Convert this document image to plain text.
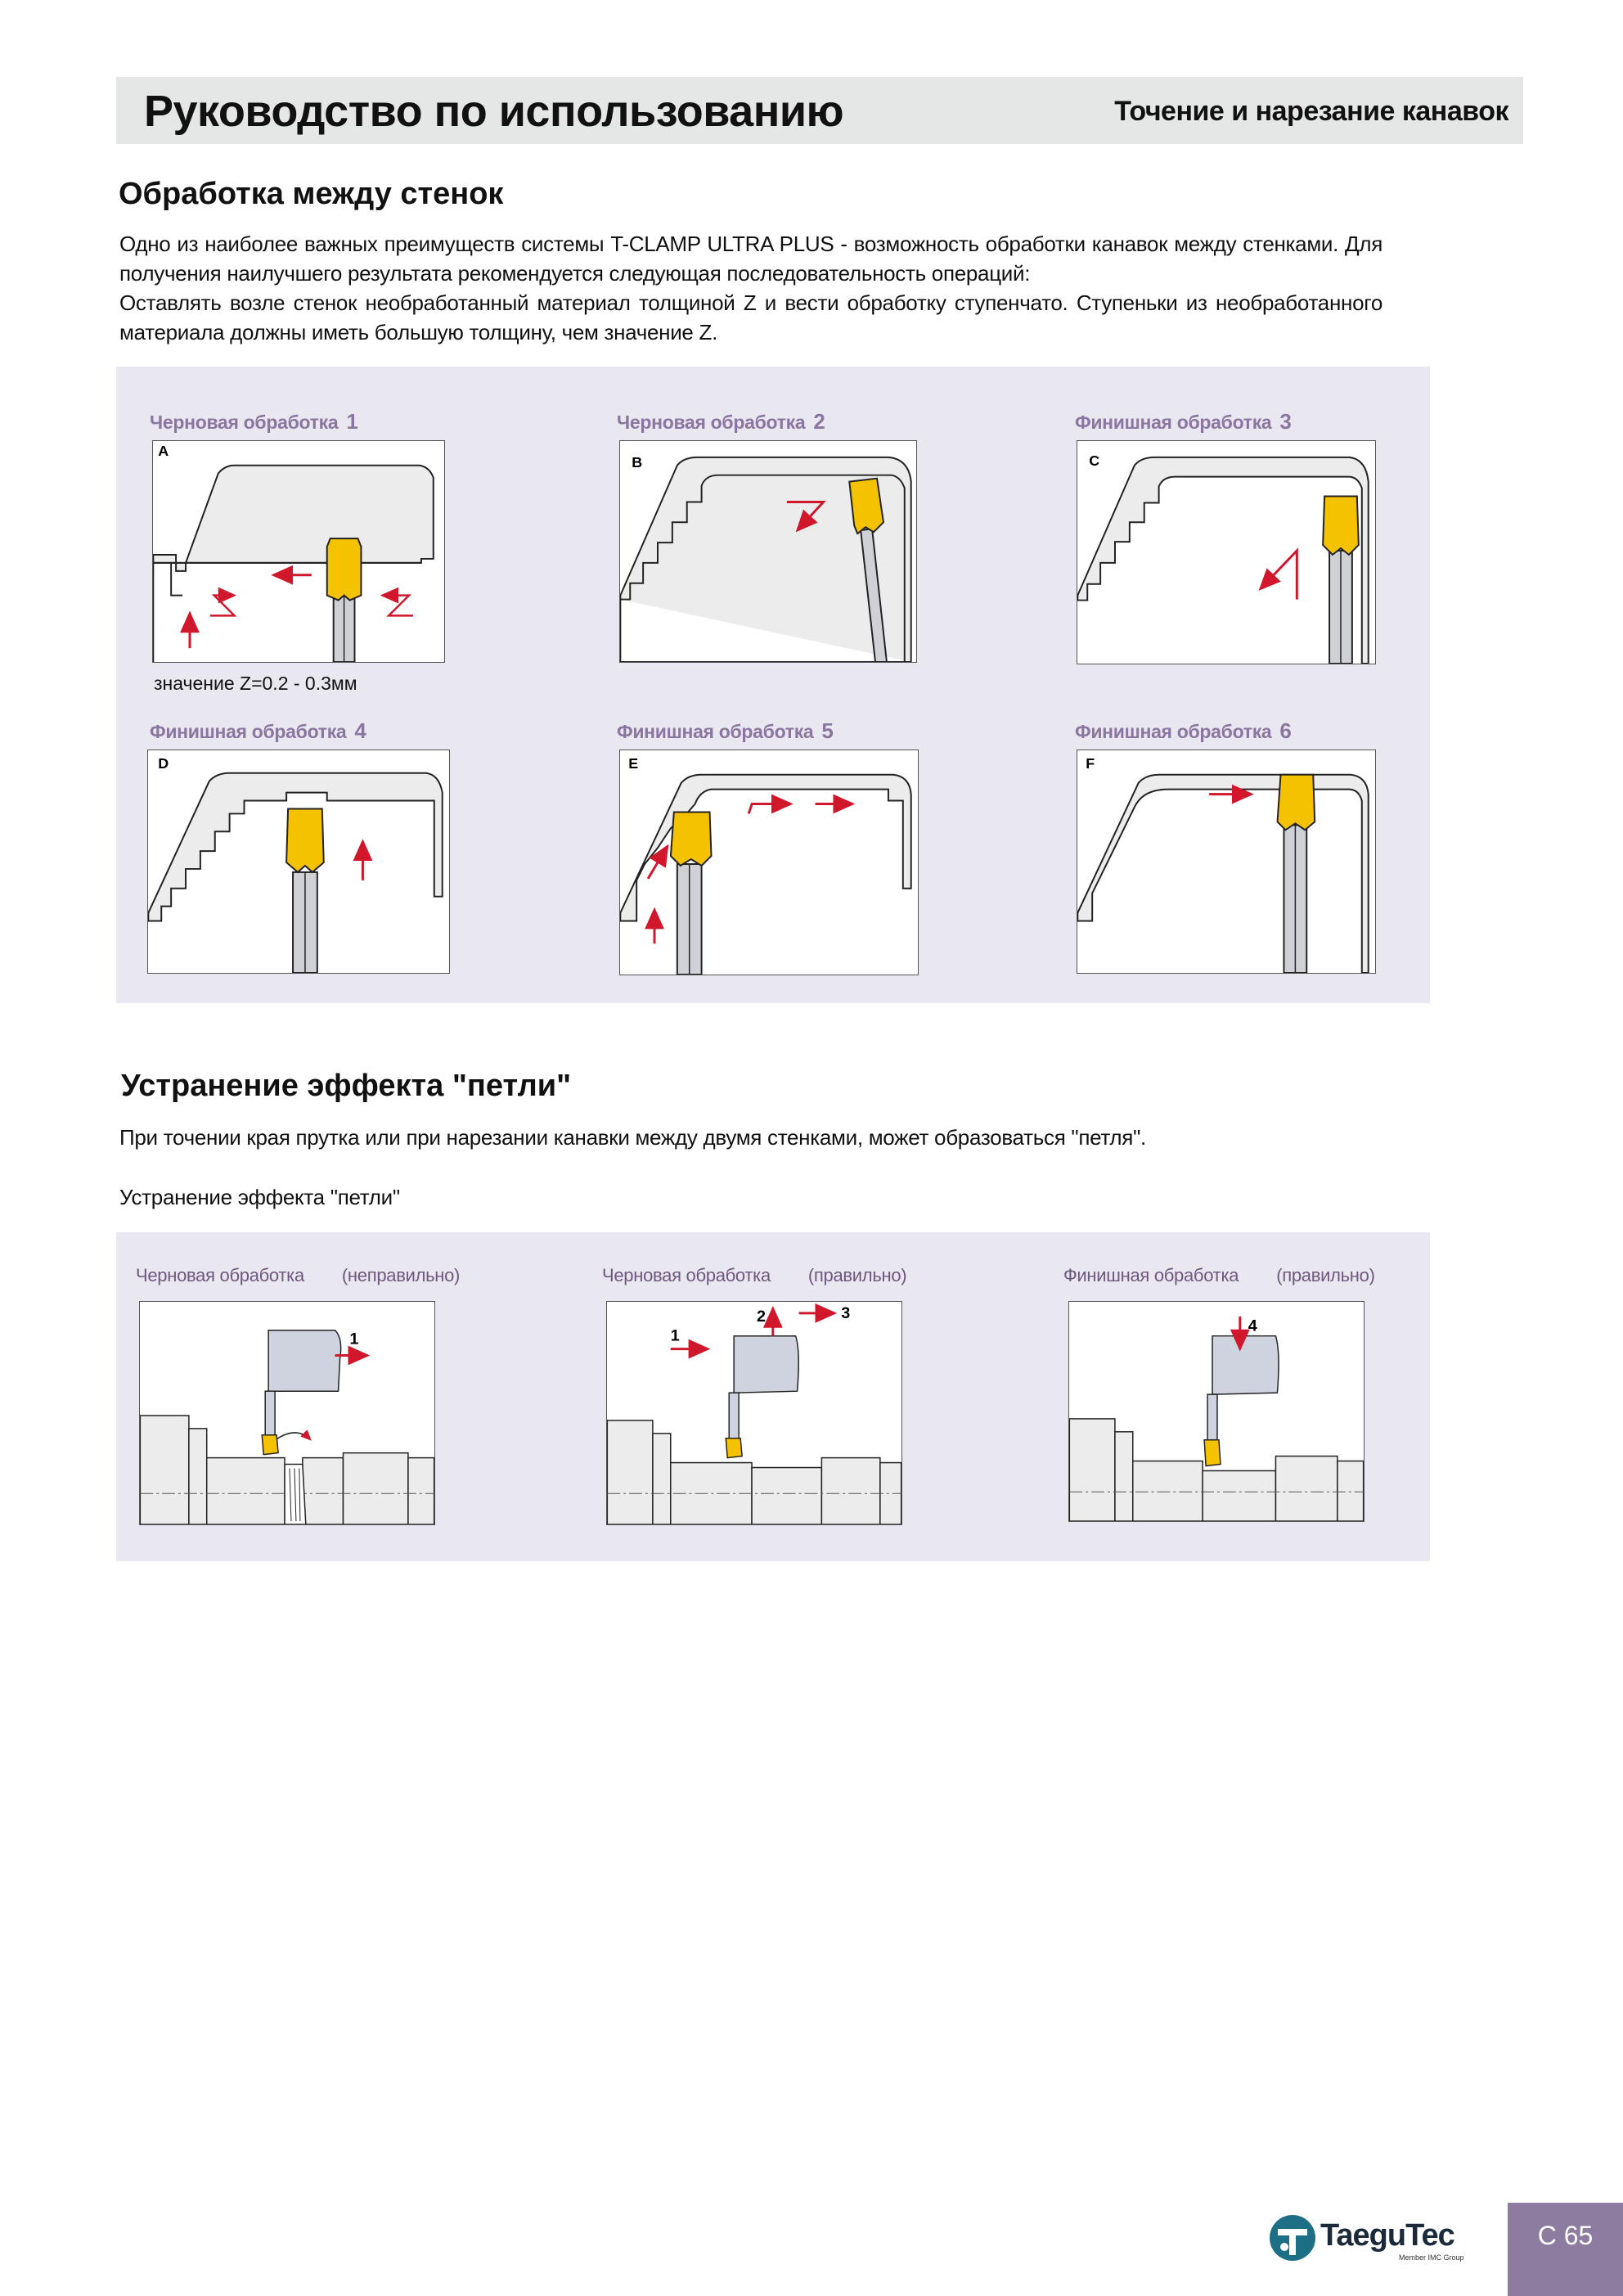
Руководство по использованию	Точение и нарезание канавок
Обработка между стенок
Одно из наиболее важных преимуществ системы T-CLAMP ULTRA PLUS - возможность обработки канавок между стенками. Для получения наилучшего результата рекомендуется следующая последовательность операций:
Оставлять возле стенок необработанный материал толщиной Z и вести обработку ступенчато. Ступеньки из необработанного материала должны иметь большую толщину, чем значение Z.
Черновая обработка 1	Черновая обработка 2	Финишная обработка 3
Финишная обработка 4	Финишная обработка 5	Финишная обработка 6
A
значение Z=0.2 - 0.3мм
B	C
D	E	F
Устранение эффекта "петли"
При точении края прутка или при нарезании канавки между двумя стенками, может образоваться "петля".
Устранение эффекта "петли"
Черновая обработка (неправильно)	Черновая обработка (правильно)	Финишная обработка (правильно)
1	1
2	3
4
TaeguTec
Member IMC Group
C 65
